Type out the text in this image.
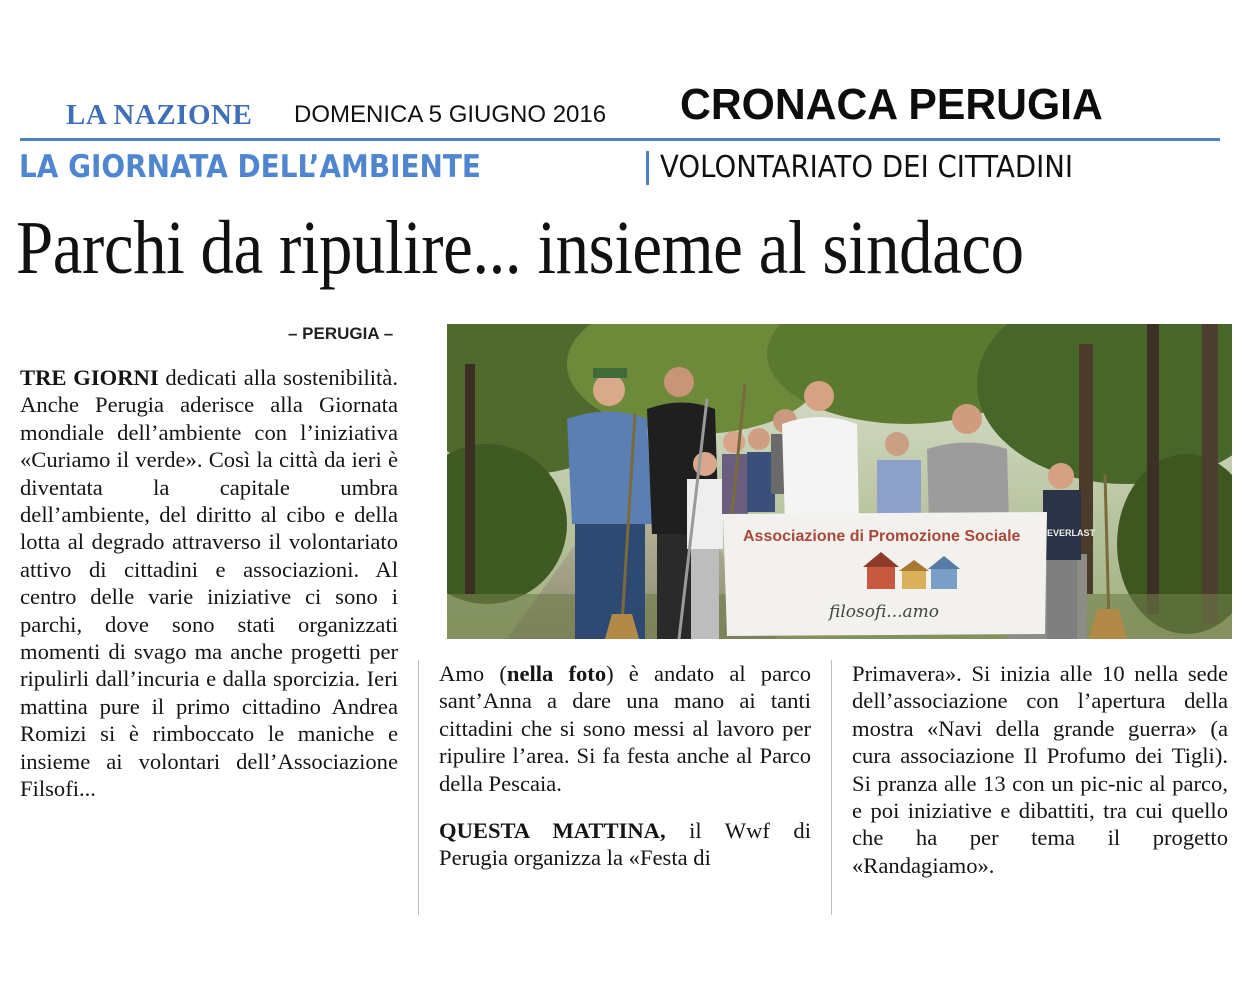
LA NAZIONE DOMENICA 5 GIUGNO 2016 CRONACA PERUGIA
LA GIORNATA DELL’AMBIENTE	VOLONTARIATO DEI CITTADINI
Parchi da ripulire... insieme al sindaco
– PERUGIA –

TRE GIORNI dedicati alla sostenibilità. Anche Perugia aderisce alla Giornata mondiale dell’ambiente con l’iniziativa «Curiamo il verde». Così la città da ieri è diventata la capitale umbra dell’ambiente, del diritto al cibo e della lotta al degrado attraverso il volontariato attivo di cittadini e associazioni. Al centro delle varie iniziative ci sono i parchi, dove sono stati organizzati momenti di svago ma anche progetti per ripulirli dall’incuria e dalla sporcizia. Ieri mattina pure il primo cittadino Andrea Romizi si è rimboccato le maniche e insieme ai volontari dell’Associazione Filsofi...

Associazione di Promozione Sociale
filosofi...amo
EVERLAST

Amo (nella foto) è andato al parco sant’Anna a dare una mano ai tanti cittadini che si sono messi al lavoro per ripulire l’area. Si fa festa anche al Parco della Pescaia.

QUESTA MATTINA, il Wwf di Perugia organizza la «Festa di

Primavera». Si inizia alle 10 nella sede dell’associazione con l’apertura della mostra «Navi della grande guerra» (a cura associazione Il Profumo dei Tigli). Si pranza alle 13 con un pic-nic al parco, e poi iniziative e dibattiti, tra cui quello che ha per tema il progetto «Randagiamo».
